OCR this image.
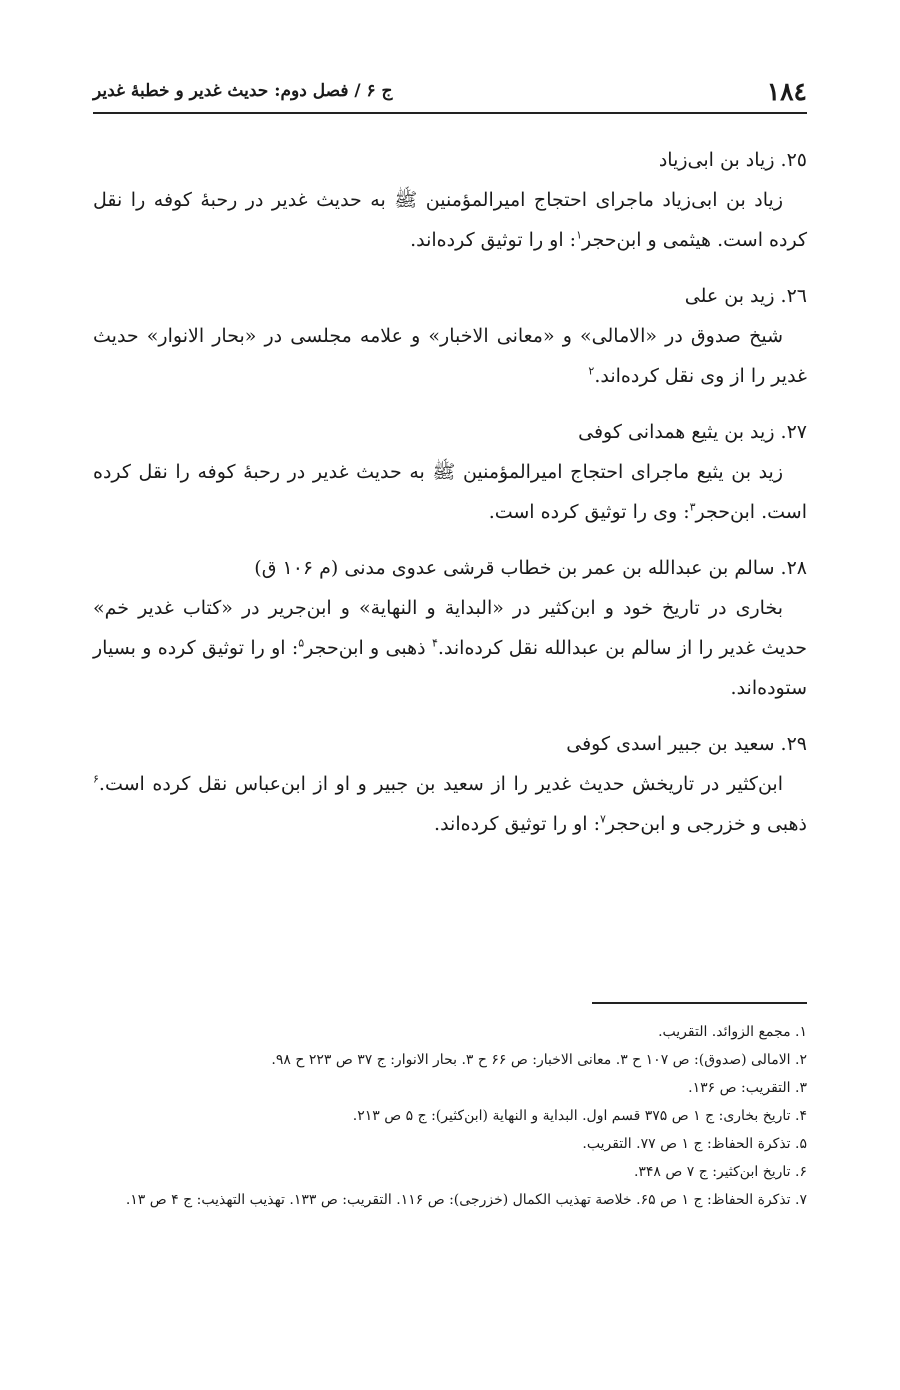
١٨٤
ج ۶ / فصل دوم: حديث غدير و خطبهٔ غدير
٢٥. زياد بن ابى‌زياد

زياد بن ابى‌زياد ماجراى احتجاج اميرالمؤمنين ﷺ به حديث غدير در رحبهٔ كوفه را نقل كرده است. هيثمى و ابن‌حجر$^١$: او را توثيق كرده‌اند.

٢٦. زيد بن على

شيخ صدوق در «الامالى» و «معانى الاخبار» و علامه مجلسى در «بحار الانوار» حديث غدير را از وى نقل كرده‌اند.$^٢$

٢٧. زيد بن يثيع همدانى كوفى

زيد بن يثيع ماجراى احتجاج اميرالمؤمنين ﷺ به حديث غدير در رحبهٔ كوفه را نقل كرده است. ابن‌حجر$^٣$: وى را توثيق كرده است.

٢٨. سالم بن عبدالله بن عمر بن خطاب قرشى عدوى مدنى (م ١٠۶ ق)

بخارى در تاريخ خود و ابن‌كثير در «البداية و النهاية» و ابن‌جرير در «كتاب غدير خم» حديث غدير را از سالم بن عبدالله نقل كرده‌اند.$^۴$ ذهبى و ابن‌حجر$^۵$: او را توثيق كرده و بسيار ستوده‌اند.

٢٩. سعيد بن جبير اسدى كوفى

ابن‌كثير در تاريخش حديث غدير را از سعيد بن جبير و او از ابن‌عباس نقل كرده است.$^۶$ ذهبى و خزرجى و ابن‌حجر$^٧$: او را توثيق كرده‌اند.

١. مجمع الزوائد. التقريب.
٢. الامالى (صدوق): ص ١٠٧ ح ٣. معانى الاخبار: ص ۶۶ ح ٣. بحار الانوار: ج ٣٧ ص ٢٢٣ ح ٩٨.
٣. التقريب: ص ١٣۶.
۴. تاريخ بخارى: ج ١ ص ٣٧۵ قسم اول. البداية و النهاية (ابن‌كثير): ج ۵ ص ٢١٣.
۵. تذكرة الحفاظ: ج ١ ص ٧٧. التقريب.
۶. تاريخ ابن‌كثير: ج ٧ ص ٣۴٨.
٧. تذكرة الحفاظ: ج ١ ص ۶۵. خلاصة تهذيب الكمال (خزرجى): ص ١١۶. التقريب: ص ١٣٣. تهذيب التهذيب: ج ۴ ص ١٣.
